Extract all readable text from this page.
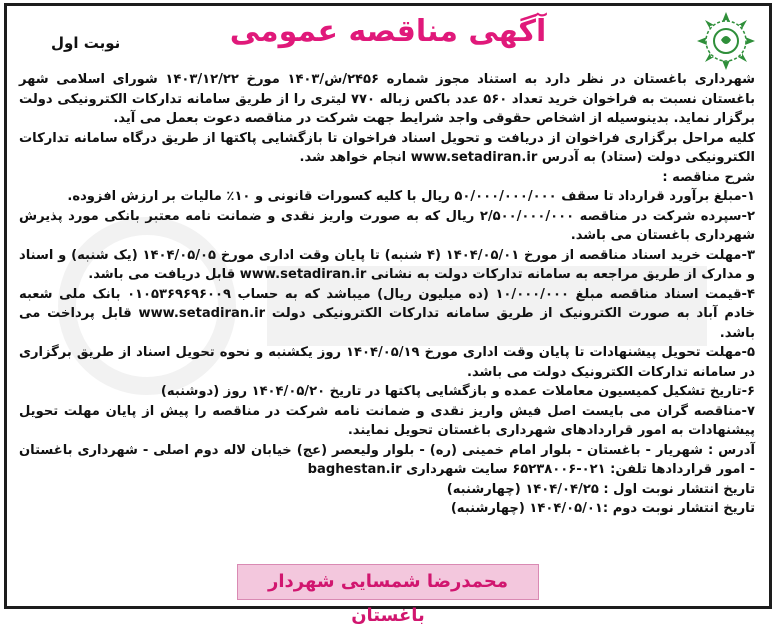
آگهی مناقصه عمومی
نوبت اول

شهرداری باغستان در نظر دارد به استناد مجوز شماره ۲۴۵۶/ش/۱۴۰۳ مورخ ۱۴۰۳/۱۲/۲۲ شورای اسلامی شهر باغستان نسبت به فراخوان خرید تعداد ۵۶۰ عدد باکس زباله ۷۷۰ لیتری را از طریق سامانه تدارکات الکترونیکی دولت برگزار نماید. بدینوسیله از اشخاص حقوقی واجد شرایط جهت شرکت در مناقصه دعوت بعمل می آید.

کلیه مراحل برگزاری فراخوان از دریافت و تحویل اسناد فراخوان تا بازگشایی پاکتها از طریق درگاه سامانه تدارکات الکترونیکی دولت (ستاد) به آدرس www.setadiran.ir انجام خواهد شد.

شرح مناقصه :

۱-مبلغ برآورد قرارداد تا سقف ۵۰/۰۰۰/۰۰۰/۰۰۰ ریال با کلیه کسورات قانونی و ۱۰٪ مالیات بر ارزش افزوده.

۲-سپرده شرکت در مناقصه ۲/۵۰۰/۰۰۰/۰۰۰ ریال که به صورت واریز نقدی و ضمانت نامه معتبر بانکی مورد پذیرش شهرداری باغستان می باشد.

۳-مهلت خرید اسناد مناقصه از مورخ ۱۴۰۴/۰۵/۰۱ (۴ شنبه) تا پایان وقت اداری مورخ ۱۴۰۴/۰۵/۰۵ (یک شنبه) و اسناد و مدارک از طریق مراجعه به سامانه تدارکات دولت به نشانی www.setadiran.ir قابل دریافت می باشد.

۴-قیمت اسناد مناقصه مبلغ ۱۰/۰۰۰/۰۰۰ (ده میلیون ریال) میباشد که به حساب ۰۱۰۵۳۶۹۶۹۶۰۰۹ بانک ملی شعبه خادم آباد به صورت الکترونیک از طریق سامانه تدارکات الکترونیکی دولت www.setadiran.ir قابل پرداخت می باشد.

۵-مهلت تحویل پیشنهادات تا پایان وقت اداری مورخ ۱۴۰۴/۰۵/۱۹ روز یکشنبه و نحوه تحویل اسناد از طریق برگزاری در سامانه تدارکات الکترونیک دولت می باشد.

۶-تاریخ تشکیل کمیسیون معاملات عمده و بازگشایی پاکتها در تاریخ ۱۴۰۴/۰۵/۲۰ روز (دوشنبه)

۷-مناقصه گران می بایست اصل فیش واریز نقدی و ضمانت نامه شرکت در مناقصه را پیش از پایان مهلت تحویل پیشنهادات به امور قراردادهای شهرداری باغستان تحویل نمایند.

آدرس : شهریار - باغستان - بلوار امام خمینی (ره) - بلوار ولیعصر (عج) خیابان لاله دوم اصلی - شهرداری باغستان - امور قراردادها تلفن: ۰۲۱-۶۵۲۳۸۰۰۶ سایت شهرداری baghestan.ir

تاریخ انتشار نوبت اول : ۱۴۰۴/۰۴/۲۵ (چهارشنبه)

تاریخ انتشار نوبت دوم :۱۴۰۴/۰۵/۰۱ (چهارشنبه)

محمدرضا شمسایی شهردار باغستان
